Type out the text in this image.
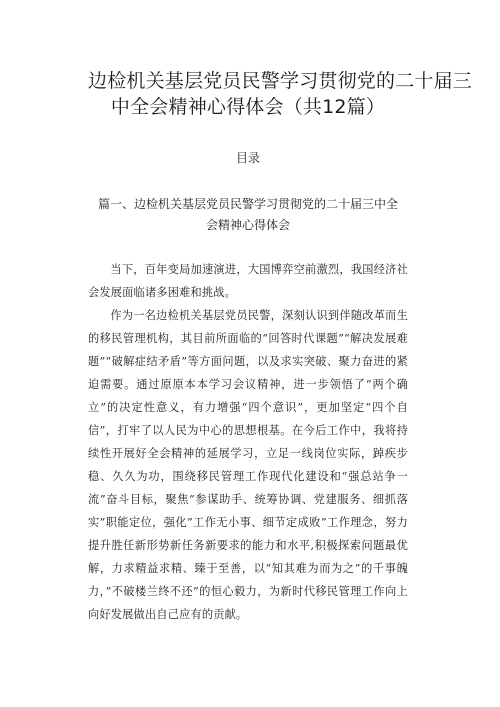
边检机关基层党员民警学习贯彻党的二十届三
中全会精神心得体会（共12篇）
目录
篇一、边检机关基层党员民警学习贯彻党的二十届三中全
会精神心得体会

当下，百年变局加速演进，大国博弈空前激烈，我国经济社会发展面临诸多困难和挑战。

作为一名边检机关基层党员民警，深刻认识到伴随改革而生的移民管理机构，其目前所面临的“回答时代课题”“解决发展难题”“破解症结矛盾”等方面问题，以及求实突破、聚力奋进的紧迫需要。通过原原本本学习会议精神，进一步领悟了“两个确立”的决定性意义，有力增强“四个意识”，更加坚定“四个自信”，打牢了以人民为中心的思想根基。在今后工作中，我将持续性开展好全会精神的延展学习，立足一线岗位实际，踔疾步稳、久久为功，围绕移民管理工作现代化建设和“强总站争一流”奋斗目标，聚焦“参谋助手、统筹协调、党建服务、细抓落实”职能定位，强化”工作无小事、细节定成败”工作理念，努力提升胜任新形势新任务新要求的能力和水平,积极探索问题最优解，力求精益求精、臻于至善，以“知其难为而为之”的千事魄力，”不破楼兰终不还”的恒心毅力，为新时代移民管理工作向上向好发展做出自己应有的贡献。
